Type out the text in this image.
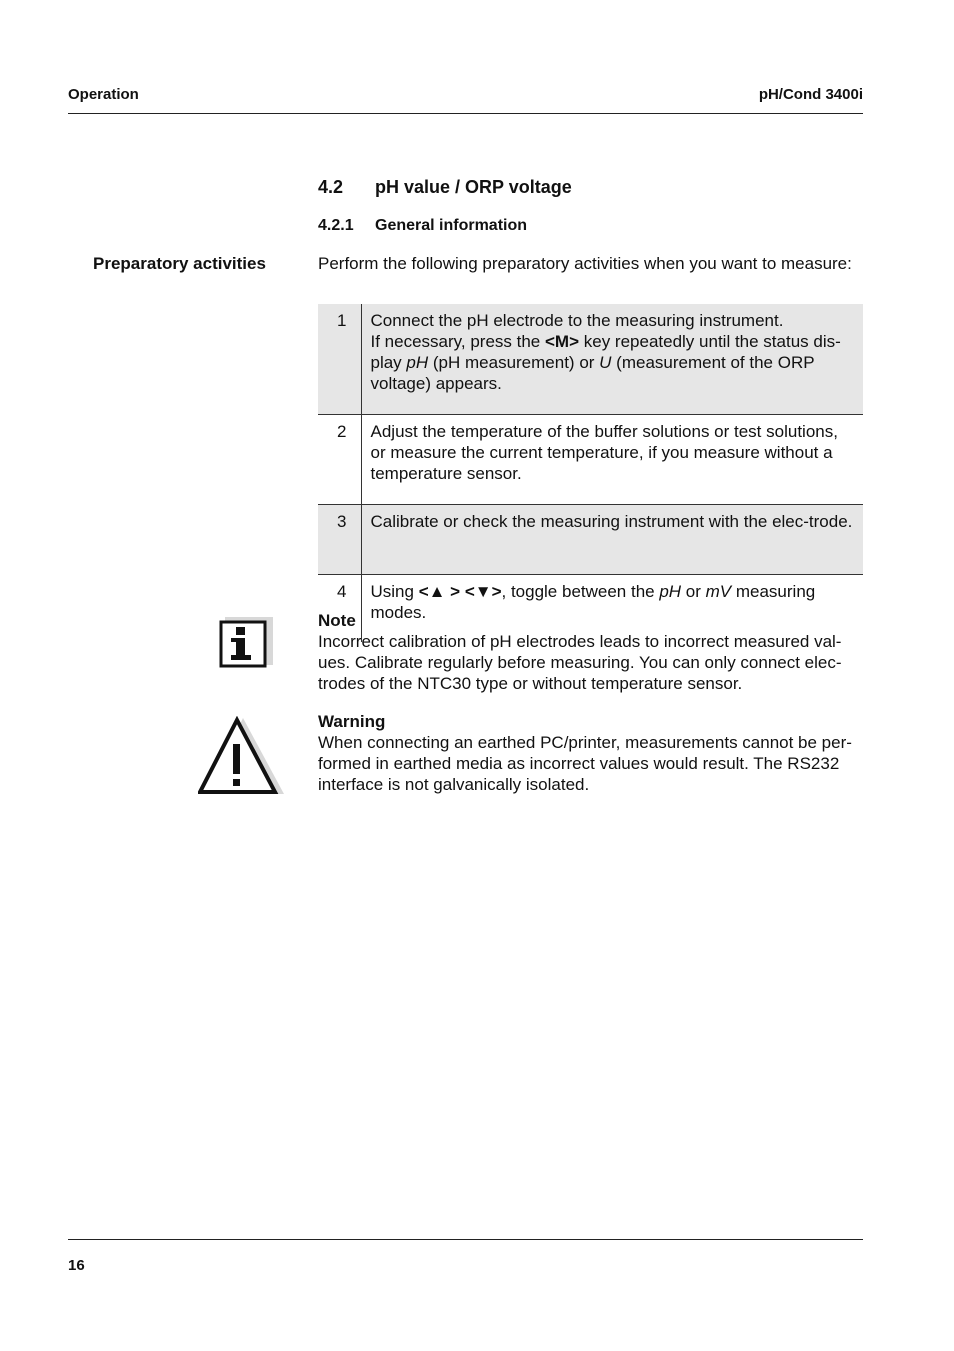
Operation	pH/Cond 3400i
4.2 pH value / ORP voltage
4.2.1 General information
Preparatory activities	Perform the following preparatory activities when you want to measure:
1	Connect the pH electrode to the measuring instrument.
If necessary, press the <M> key repeatedly until the status dis-play pH (pH measurement) or U (measurement of the ORP voltage) appears.

2	Adjust the temperature of the buffer solutions or test solutions, or measure the current temperature, if you measure without a temperature sensor.
3	Calibrate or check the measuring instrument with the elec-trode.
4	Using <▲ > <▼>, toggle between the pH or mV measuring modes.
Note
Incorrect calibration of pH electrodes leads to incorrect measured val-ues. Calibrate regularly before measuring. You can only connect elec-trodes of the NTC30 type or without temperature sensor.
Warning
When connecting an earthed PC/printer, measurements cannot be per-formed in earthed media as incorrect values would result. The RS232 interface is not galvanically isolated.
16
